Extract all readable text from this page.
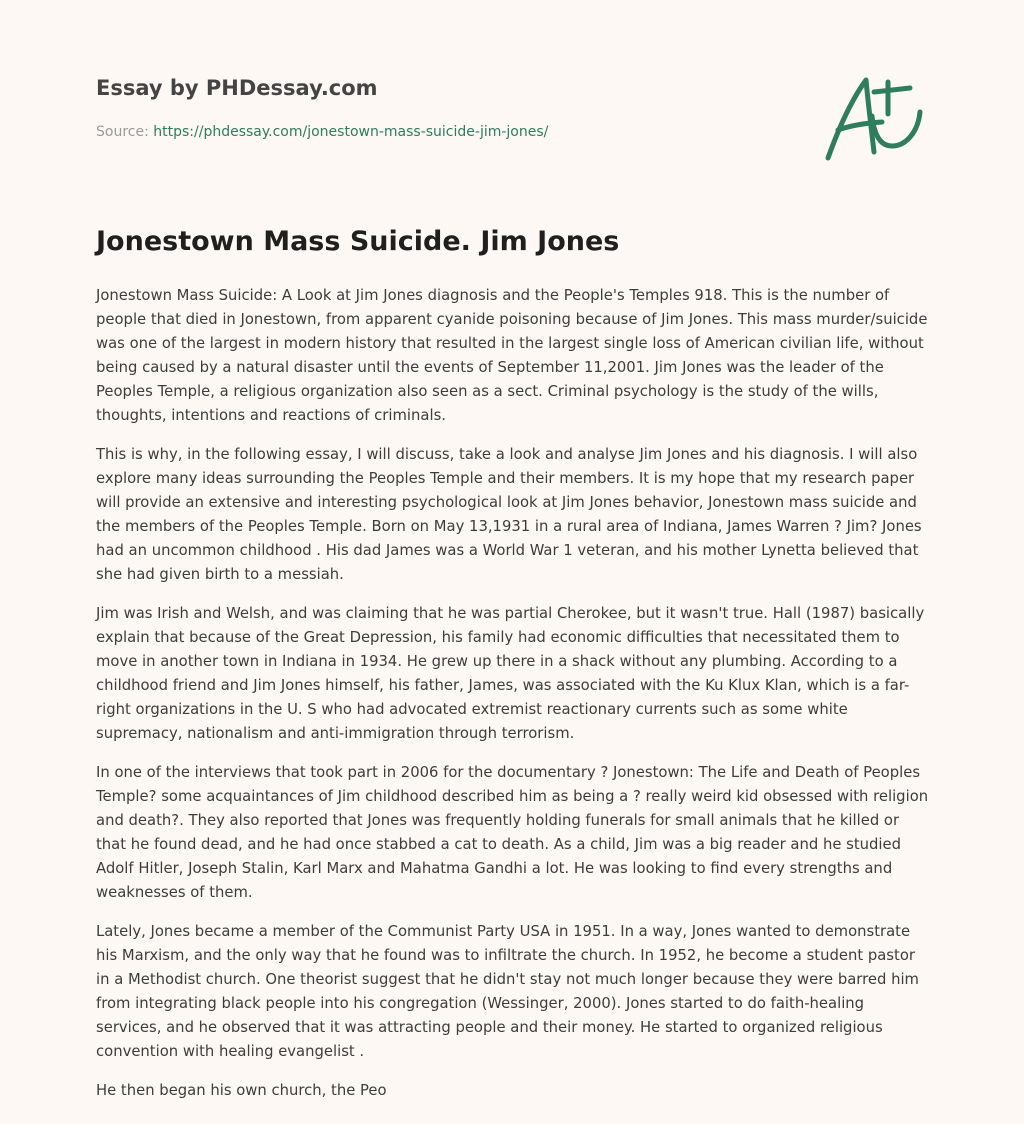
Essay by PHDessay.com

Source: https://phdessay.com/jonestown-mass-suicide-jim-jones/

Jonestown Mass Suicide. Jim Jones

Jonestown Mass Suicide: A Look at Jim Jones diagnosis and the People's Temples 918. This is the number of people that died in Jonestown, from apparent cyanide poisoning because of Jim Jones. This mass murder/suicide was one of the largest in modern history that resulted in the largest single loss of American civilian life, without being caused by a natural disaster until the events of September 11,2001. Jim Jones was the leader of the Peoples Temple, a religious organization also seen as a sect. Criminal psychology is the study of the wills, thoughts, intentions and reactions of criminals.

This is why, in the following essay, I will discuss, take a look and analyse Jim Jones and his diagnosis. I will also explore many ideas surrounding the Peoples Temple and their members. It is my hope that my research paper will provide an extensive and interesting psychological look at Jim Jones behavior, Jonestown mass suicide and the members of the Peoples Temple. Born on May 13,1931 in a rural area of Indiana, James Warren ? Jim? Jones had an uncommon childhood . His dad James was a World War 1 veteran, and his mother Lynetta believed that she had given birth to a messiah.

Jim was Irish and Welsh, and was claiming that he was partial Cherokee, but it wasn't true. Hall (1987) basically explain that because of the Great Depression, his family had economic difficulties that necessitated them to move in another town in Indiana in 1934. He grew up there in a shack without any plumbing. According to a childhood friend and Jim Jones himself, his father, James, was associated with the Ku Klux Klan, which is a far-right organizations in the U. S who had advocated extremist reactionary currents such as some white supremacy, nationalism and anti-immigration through terrorism.

In one of the interviews that took part in 2006 for the documentary ? Jonestown: The Life and Death of Peoples Temple? some acquaintances of Jim childhood described him as being a ? really weird kid obsessed with religion and death?. They also reported that Jones was frequently holding funerals for small animals that he killed or that he found dead, and he had once stabbed a cat to death. As a child, Jim was a big reader and he studied Adolf Hitler, Joseph Stalin, Karl Marx and Mahatma Gandhi a lot. He was looking to find every strengths and weaknesses of them.

Lately, Jones became a member of the Communist Party USA in 1951. In a way, Jones wanted to demonstrate his Marxism, and the only way that he found was to infiltrate the church. In 1952, he become a student pastor in a Methodist church. One theorist suggest that he didn't stay not much longer because they were barred him from integrating black people into his congregation (Wessinger, 2000). Jones started to do faith-healing services, and he observed that it was attracting people and their money. He started to organized religious convention with healing evangelist .

He then began his own church, the Peo
